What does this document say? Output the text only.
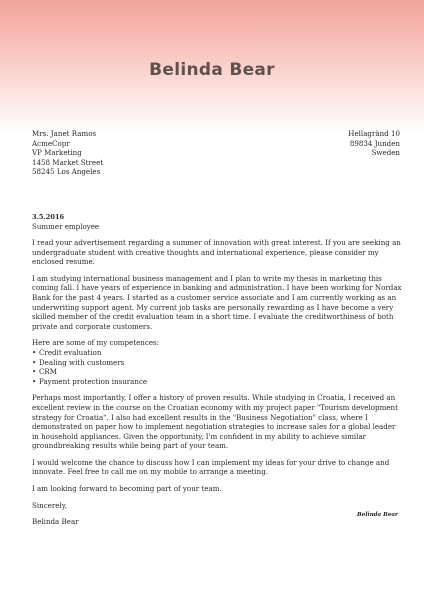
Belinda Bear
Mrs. Janet Ramos
AcmeCopr
VP Marketing
1458 Market Street
58245 Los Angeles
Hellagränd 10
89834 Junden
Sweden
3.5.2016
Summer employee

I read your advertisement regarding a summer of innovation with great interest. If you are seeking an undergraduate student with creative thoughts and international experience, please consider my enclosed resume.

I am studying international business management and I plan to write my thesis in marketing this coming fall. I have years of experience in banking and administration. I have been working for Nordax Bank for the past 4 years. I started as a customer service associate and I am currently working as an underwriting support agent. My current job tasks are personally rewarding as I have become a very skilled member of the credit evaluation team in a short time. I evaluate the creditworthiness of both private and corporate customers.

Here are some of my competences:
• Credit evaluation
• Dealing with customers
• CRM
• Payment protection insurance

Perhaps most importantly, I offer a history of proven results. While studying in Croatia, I received an excellent review in the course on the Croatian economy with my project paper "Tourism development strategy for Croatia". I also had excellent results in the "Business Negotiation" class, where I demonstrated on paper how to implement negotiation strategies to increase sales for a global leader in household appliances. Given the opportunity, I'm confident in my ability to achieve similar groundbreaking results while being part of your team.

I would welcome the chance to discuss how I can implement my ideas for your drive to change and innovate. Feel free to call me on my mobile to arrange a meeting.

I am looking forward to becoming part of your team.

Sincerely,

Belinda Bear

Belinda Bear
